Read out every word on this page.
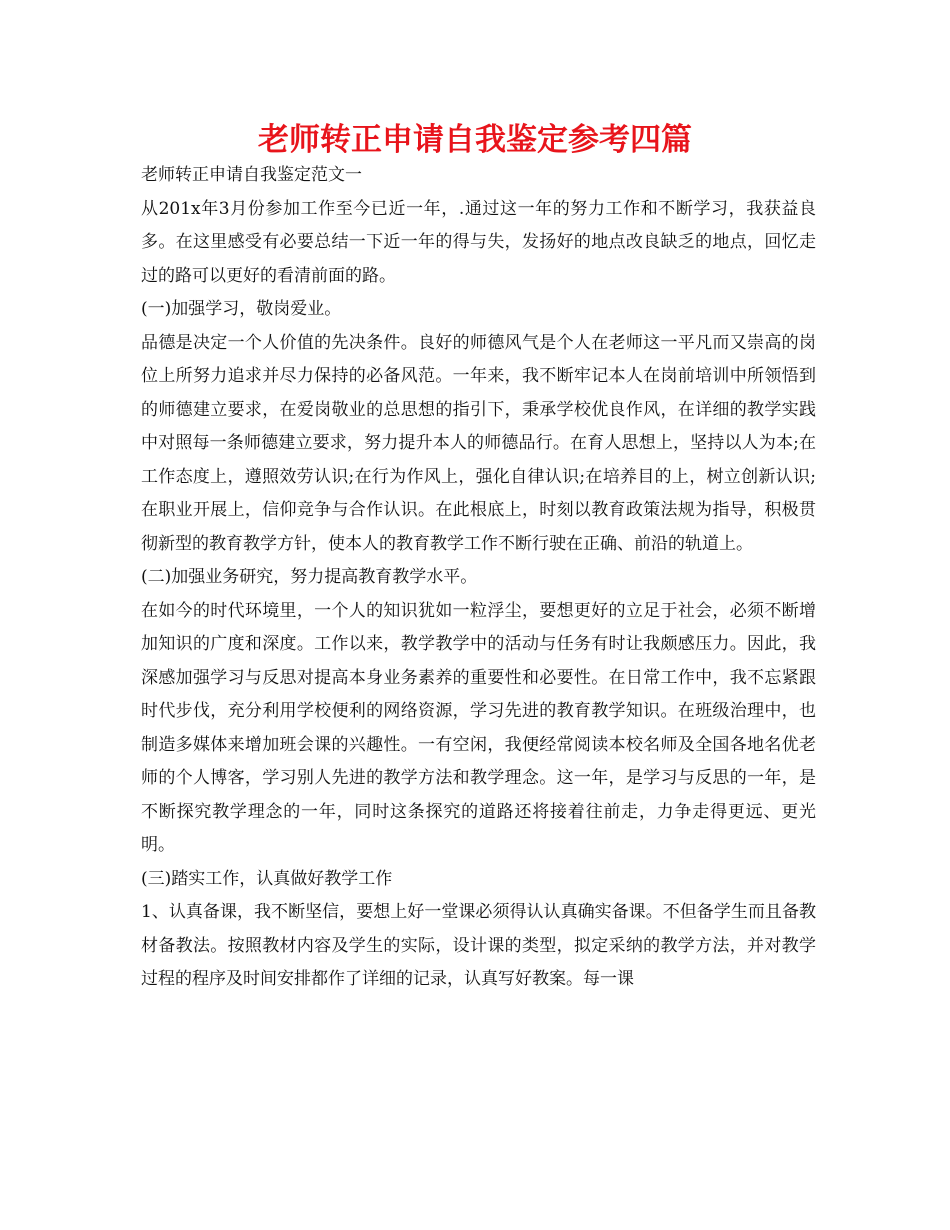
老师转正申请自我鉴定参考四篇

老师转正申请自我鉴定范文一

从201x年3月份参加工作至今已近一年，.通过这一年的努力工作和不断学习，我获益良多。在这里感受有必要总结一下近一年的得与失，发扬好的地点改良缺乏的地点，回忆走过的路可以更好的看清前面的路。

(一)加强学习，敬岗爱业。

品德是决定一个人价值的先决条件。良好的师德风气是个人在老师这一平凡而又崇高的岗位上所努力追求并尽力保持的必备风范。一年来，我不断牢记本人在岗前培训中所领悟到的师德建立要求，在爱岗敬业的总思想的指引下，秉承学校优良作风，在详细的教学实践中对照每一条师德建立要求，努力提升本人的师德品行。在育人思想上，坚持以人为本;在工作态度上，遵照效劳认识;在行为作风上，强化自律认识;在培养目的上，树立创新认识;在职业开展上，信仰竞争与合作认识。在此根底上，时刻以教育政策法规为指导，积极贯彻新型的教育教学方针，使本人的教育教学工作不断行驶在正确、前沿的轨道上。

(二)加强业务研究，努力提高教育教学水平。

在如今的时代环境里，一个人的知识犹如一粒浮尘，要想更好的立足于社会，必须不断增加知识的广度和深度。工作以来，教学教学中的活动与任务有时让我颇感压力。因此，我深感加强学习与反思对提高本身业务素养的重要性和必要性。在日常工作中，我不忘紧跟时代步伐，充分利用学校便利的网络资源，学习先进的教育教学知识。在班级治理中，也制造多媒体来增加班会课的兴趣性。一有空闲，我便经常阅读本校名师及全国各地名优老师的个人博客，学习别人先进的教学方法和教学理念。这一年，是学习与反思的一年，是不断探究教学理念的一年，同时这条探究的道路还将接着往前走，力争走得更远、更光明。

(三)踏实工作，认真做好教学工作

1、认真备课，我不断坚信，要想上好一堂课必须得认认真确实备课。不但备学生而且备教材备教法。按照教材内容及学生的实际，设计课的类型，拟定采纳的教学方法，并对教学过程的程序及时间安排都作了详细的记录，认真写好教案。每一课
